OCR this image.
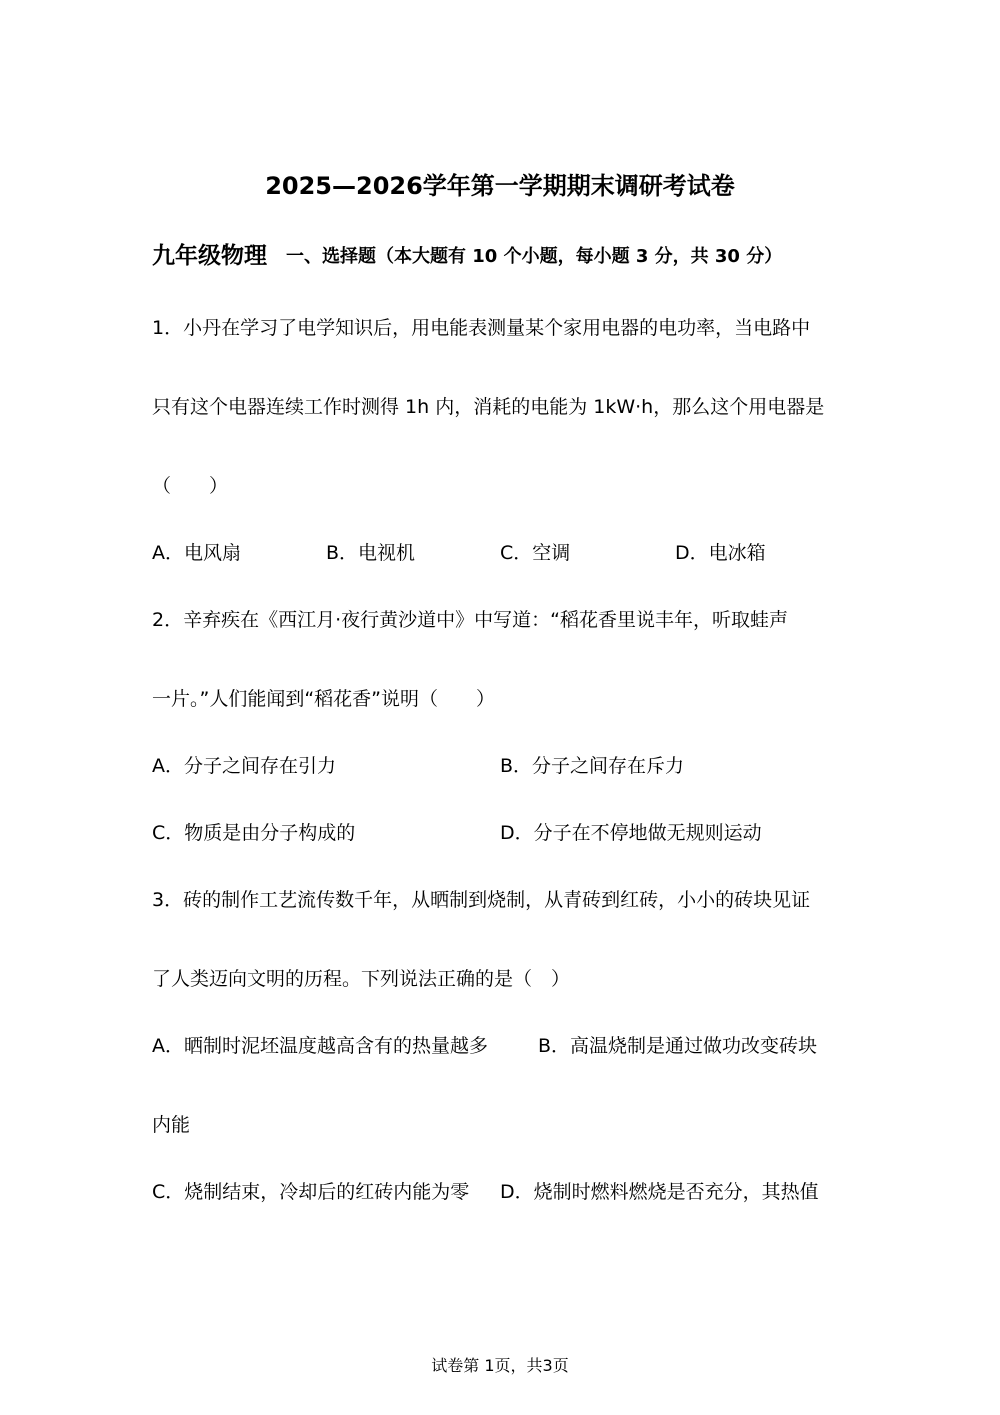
2025—2026学年第一学期期末调研考试卷
九年级物理 一、选择题（本大题有 10 个小题，每小题 3 分，共 30 分）
1．小丹在学习了电学知识后，用电能表测量某个家用电器的电功率，当电路中
只有这个电器连续工作时测得 1h 内，消耗的电能为 1kW·h，那么这个用电器是
（　　）
A．电风扇	B．电视机	C．空调	D．电冰箱
2．辛弃疾在《西江月·夜行黄沙道中》中写道：“稻花香里说丰年，听取蛙声
一片。”人们能闻到“稻花香”说明（　　）
A．分子之间存在引力	B．分子之间存在斥力
C．物质是由分子构成的	D．分子在不停地做无规则运动
3．砖的制作工艺流传数千年，从晒制到烧制，从青砖到红砖，小小的砖块见证
了人类迈向文明的历程。下列说法正确的是（　）
A．晒制时泥坯温度越高含有的热量越多	B．高温烧制是通过做功改变砖块
内能
C．烧制结束，冷却后的红砖内能为零 D．烧制时燃料燃烧是否充分，其热值
试卷第 1页，共3页
